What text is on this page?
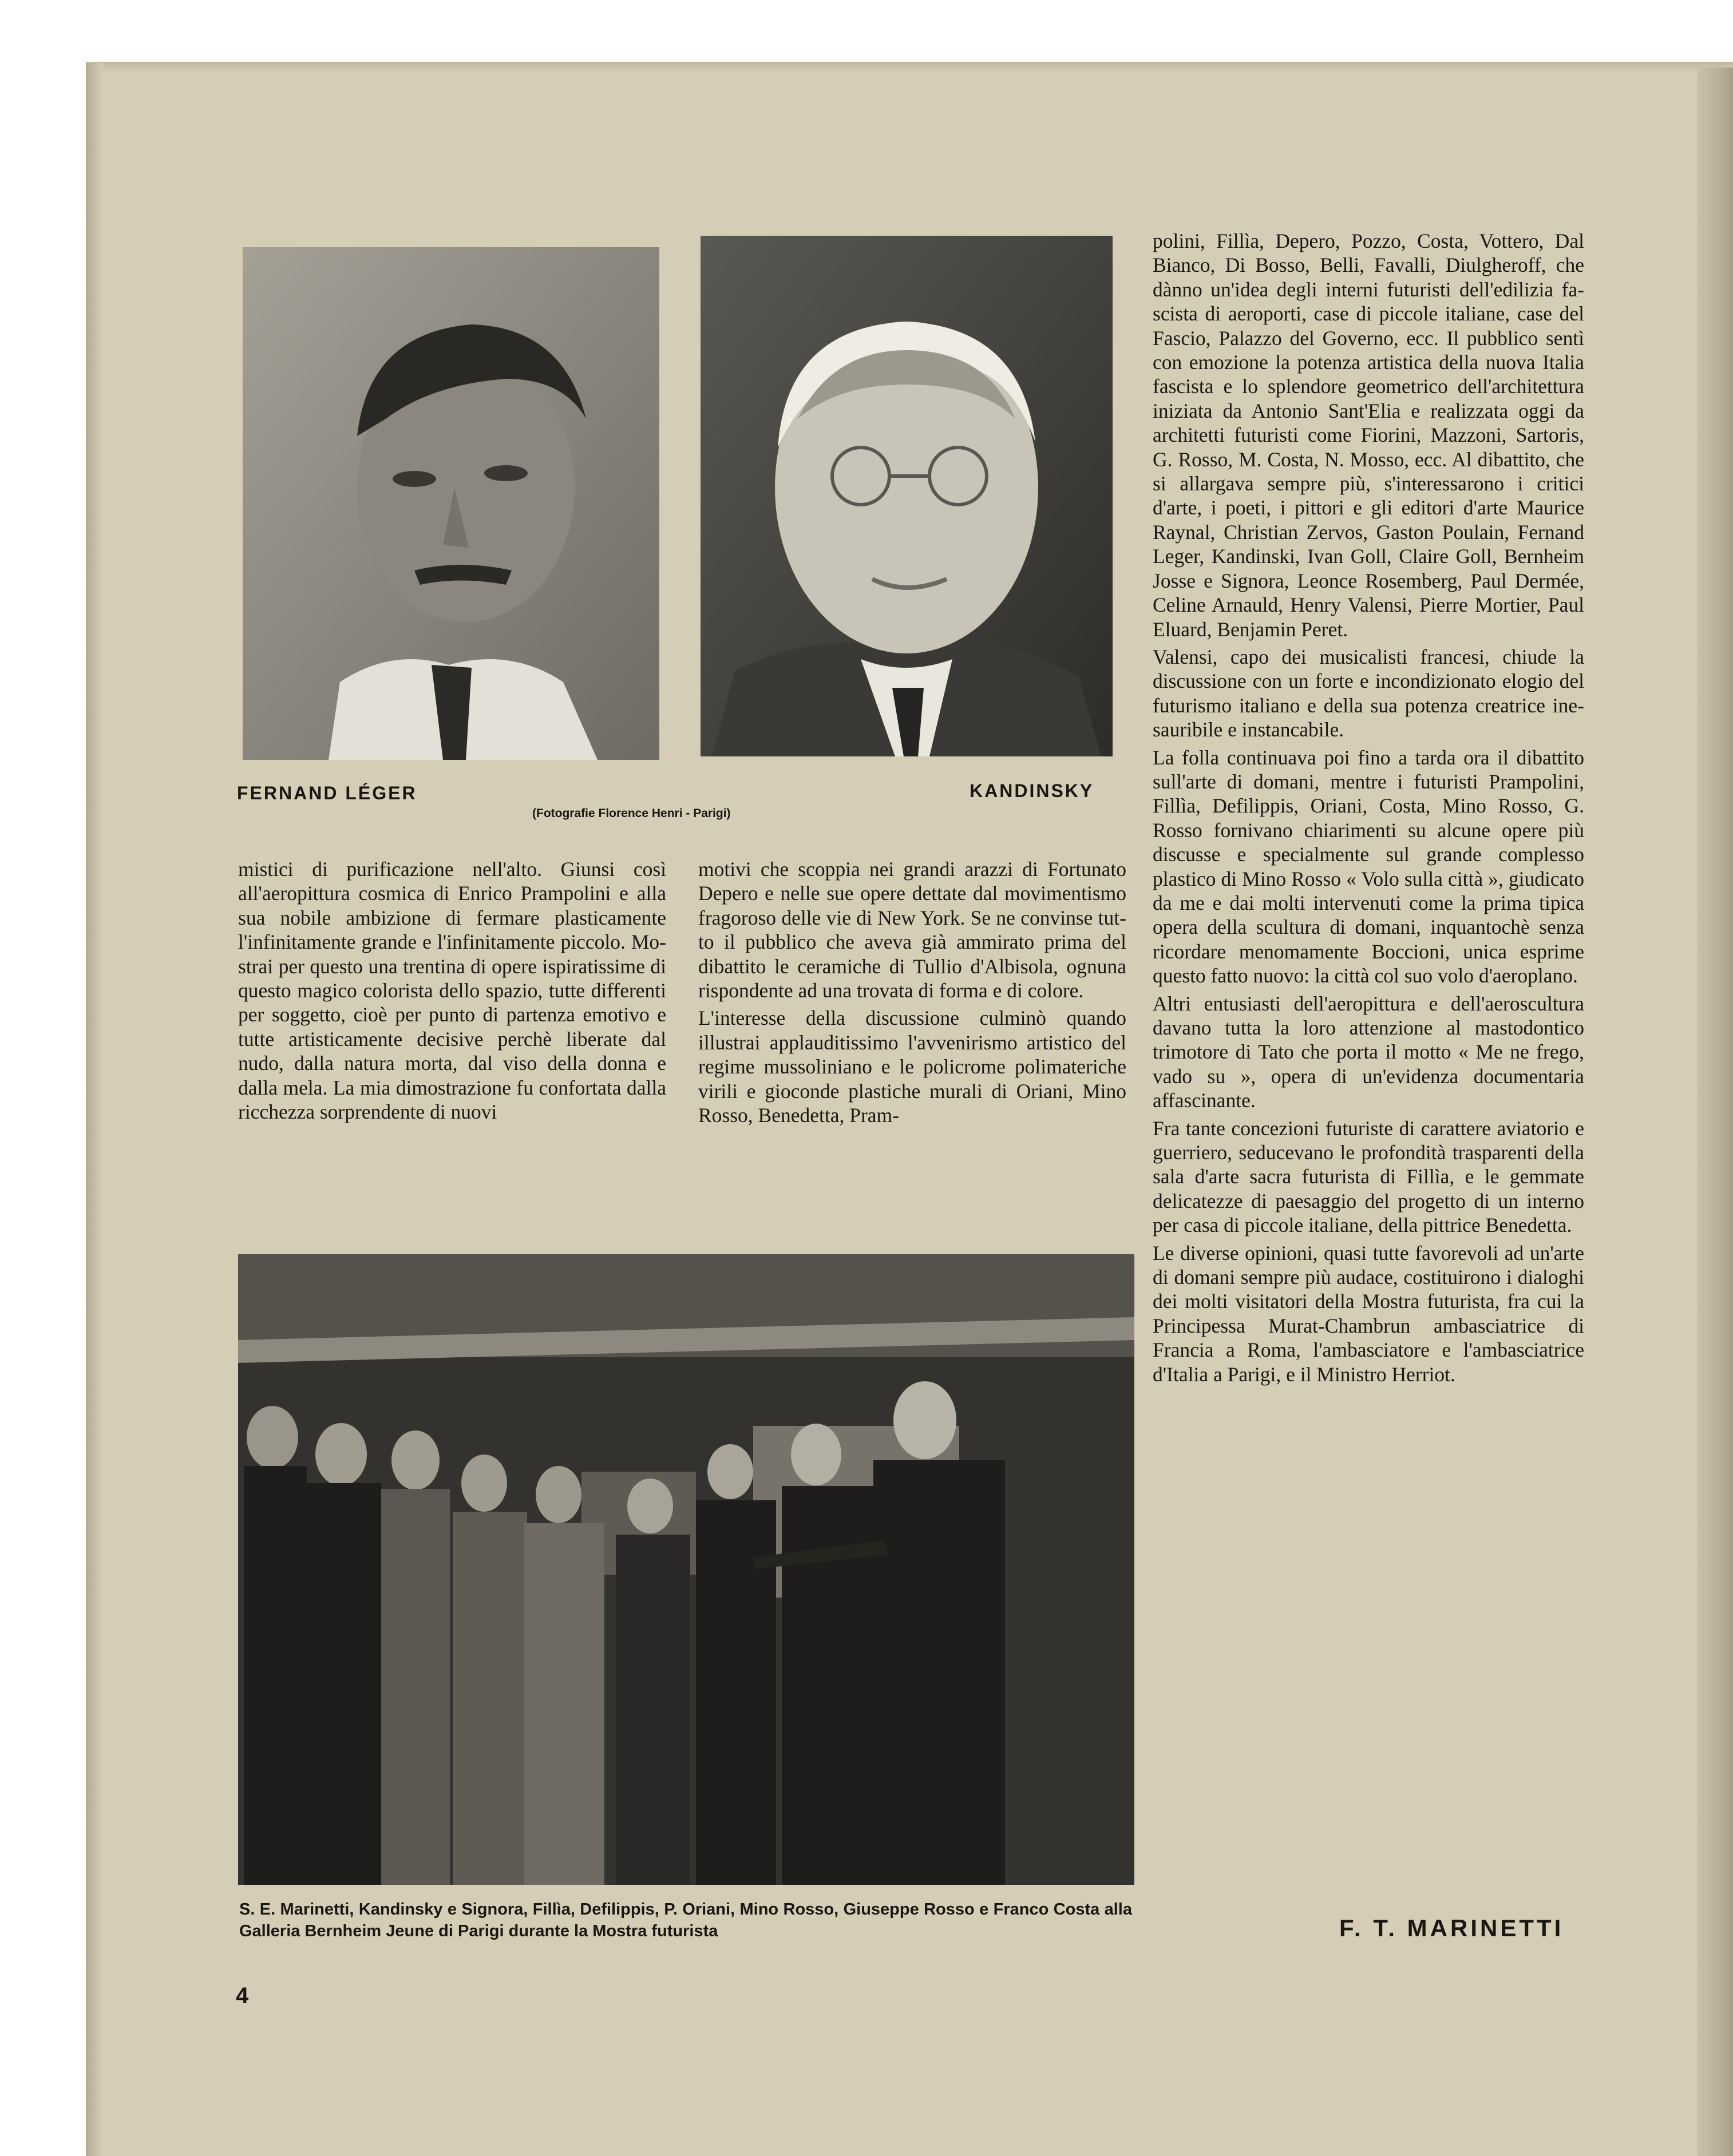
FERNAND LÉGER	KANDINSKY

(Fotografie Florence Henri - Parigi)

mistici di purificazione nell'alto. Giunsi così all'aeropittura cosmica di Enrico Prampolini e alla sua nobile ambizione di fermare plasticamente l'infinitamente grande e l'infinitamente piccolo. Mostrai per questo una trentina di opere ispiratissime di questo magico colorista dello spazio, tutte differenti per soggetto, cioè per punto di partenza emotivo e tutte artisticamente decisive perchè liberate dal nudo, dalla natura morta, dal viso della donna e dalla mela. La mia dimostrazione fu confortata dalla ricchezza sorprendente di nuovi

motivi che scoppia nei grandi arazzi di Fortunato Depero e nelle sue opere dettate dal movimentismo fragoroso delle vie di New York. Se ne convinse tutto il pubblico che aveva già ammirato prima del dibattito le ceramiche di Tullio d'Albisola, ognuna rispondente ad una trovata di forma e di colore.

L'interesse della discussione culminò quando illustrai applauditissimo l'avvenirismo artistico del regime mussoliniano e le policrome polimateriche virili e gioconde plastiche murali di Oriani, Mino Rosso, Benedetta, Pram-

polini, Fillìa, Depero, Pozzo, Costa, Vottero, Dal Bianco, Di Bosso, Belli, Favalli, Diulgheroff, che dànno un'idea degli interni futuristi dell'edilizia fascista di aeroporti, case di piccole italiane, case del Fascio, Palazzo del Governo, ecc. Il pubblico sentì con emozione la potenza artistica della nuova Italia fascista e lo splendore geometrico dell'architettura iniziata da Antonio Sant'Elia e realizzata oggi da architetti futuristi come Fiorini, Mazzoni, Sartoris, G. Rosso, M. Costa, N. Mosso, ecc. Al dibattito, che si allargava sempre più, s'interessarono i critici d'arte, i poeti, i pittori e gli editori d'arte Maurice Raynal, Christian Zervos, Gaston Poulain, Fernand Leger, Kandinski, Ivan Goll, Claire Goll, Bernheim Josse e Signora, Leonce Rosemberg, Paul Dermée, Celine Arnauld, Henry Valensi, Pierre Mortier, Paul Eluard, Benjamin Peret.

Valensi, capo dei musicalisti francesi, chiude la discussione con un forte e incondizionato elogio del futurismo italiano e della sua potenza creatrice inesauribile e instancabile.

La folla continuava poi fino a tarda ora il dibattito sull'arte di domani, mentre i futuristi Prampolini, Fillìa, Defilippis, Oriani, Costa, Mino Rosso, G. Rosso fornivano chiarimenti su alcune opere più discusse e specialmente sul grande complesso plastico di Mino Rosso « Volo sulla città », giudicato da me e dai molti intervenuti come la prima tipica opera della scultura di domani, inquantochè senza ricordare menomamente Boccioni, unica esprime questo fatto nuovo: la città col suo volo d'aeroplano.

Altri entusiasti dell'aeropittura e dell'aeroscultura davano tutta la loro attenzione al mastodontico trimotore di Tato che porta il motto « Me ne frego, vado su », opera di un'evidenza documentaria affascinante.

Fra tante concezioni futuriste di carattere aviatorio e guerriero, seducevano le profondità trasparenti della sala d'arte sacra futurista di Fillìa, e le gemmate delicatezze di paesaggio del progetto di un interno per casa di piccole italiane, della pittrice Benedetta.

Le diverse opinioni, quasi tutte favorevoli ad un'arte di domani sempre più audace, costituirono i dialoghi dei molti visitatori della Mostra futurista, fra cui la Principessa Murat-Chambrun ambasciatrice di Francia a Roma, l'ambasciatore e l'ambasciatrice d'Italia a Parigi, e il Ministro Herriot.

S. E. Marinetti, Kandinsky e Signora, Fillìa, Defilippis, P. Oriani, Mino Rosso, Giuseppe Rosso e Franco Costa alla Galleria Bernheim Jeune di Parigi durante la Mostra futurista	F. T. MARINETTI

4
